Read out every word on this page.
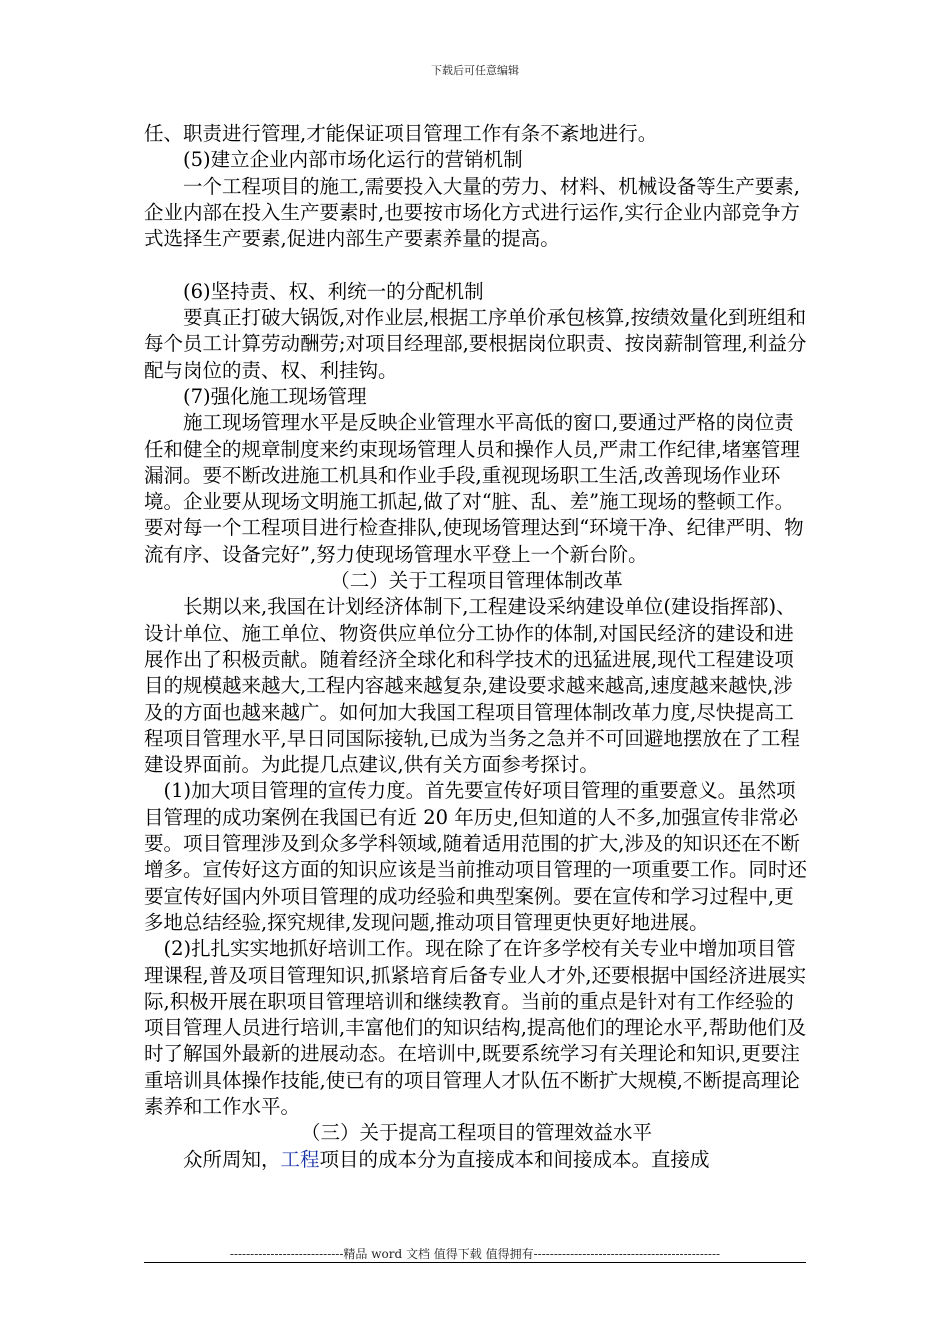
下载后可任意编辑

任、职责进行管理,才能保证项目管理工作有条不紊地进行。

(5)建立企业内部市场化运行的营销机制

一个工程项目的施工,需要投入大量的劳力、材料、机械设备等生产要素,企业内部在投入生产要素时,也要按市场化方式进行运作,实行企业内部竞争方式选择生产要素,促进内部生产要素养量的提高。

(6)坚持责、权、利统一的分配机制

要真正打破大锅饭,对作业层,根据工序单价承包核算,按绩效量化到班组和每个员工计算劳动酬劳;对项目经理部,要根据岗位职责、按岗薪制管理,利益分配与岗位的责、权、利挂钩。

(7)强化施工现场管理

施工现场管理水平是反映企业管理水平高低的窗口,要通过严格的岗位责任和健全的规章制度来约束现场管理人员和操作人员,严肃工作纪律,堵塞管理漏洞。要不断改进施工机具和作业手段,重视现场职工生活,改善现场作业环境。企业要从现场文明施工抓起,做了对“脏、乱、差”施工现场的整顿工作。要对每一个工程项目进行检查排队,使现场管理达到“环境干净、纪律严明、物流有序、设备完好”,努力使现场管理水平登上一个新台阶。

（二）关于工程项目管理体制改革

长期以来,我国在计划经济体制下,工程建设采纳建设单位(建设指挥部)、设计单位、施工单位、物资供应单位分工协作的体制,对国民经济的建设和进展作出了积极贡献。随着经济全球化和科学技术的迅猛进展,现代工程建设项目的规模越来越大,工程内容越来越复杂,建设要求越来越高,速度越来越快,涉及的方面也越来越广。如何加大我国工程项目管理体制改革力度,尽快提高工程项目管理水平,早日同国际接轨,已成为当务之急并不可回避地摆放在了工程建设界面前。为此提几点建议,供有关方面参考探讨。

(1)加大项目管理的宣传力度。首先要宣传好项目管理的重要意义。虽然项目管理的成功案例在我国已有近 20 年历史,但知道的人不多,加强宣传非常必要。项目管理涉及到众多学科领域,随着适用范围的扩大,涉及的知识还在不断增多。宣传好这方面的知识应该是当前推动项目管理的一项重要工作。同时还要宣传好国内外项目管理的成功经验和典型案例。要在宣传和学习过程中,更多地总结经验,探究规律,发现问题,推动项目管理更快更好地进展。

(2)扎扎实实地抓好培训工作。现在除了在许多学校有关专业中增加项目管理课程,普及项目管理知识,抓紧培育后备专业人才外,还要根据中国经济进展实际,积极开展在职项目管理培训和继续教育。当前的重点是针对有工作经验的项目管理人员进行培训,丰富他们的知识结构,提高他们的理论水平,帮助他们及时了解国外最新的进展动态。在培训中,既要系统学习有关理论和知识,更要注重培训具体操作技能,使已有的项目管理人才队伍不断扩大规模,不断提高理论素养和工作水平。

（三）关于提高工程项目的管理效益水平

众所周知，工程项目的成本分为直接成本和间接成本。直接成

----------------------------精品 word 文档 值得下载 值得拥有----------------------------------------------
